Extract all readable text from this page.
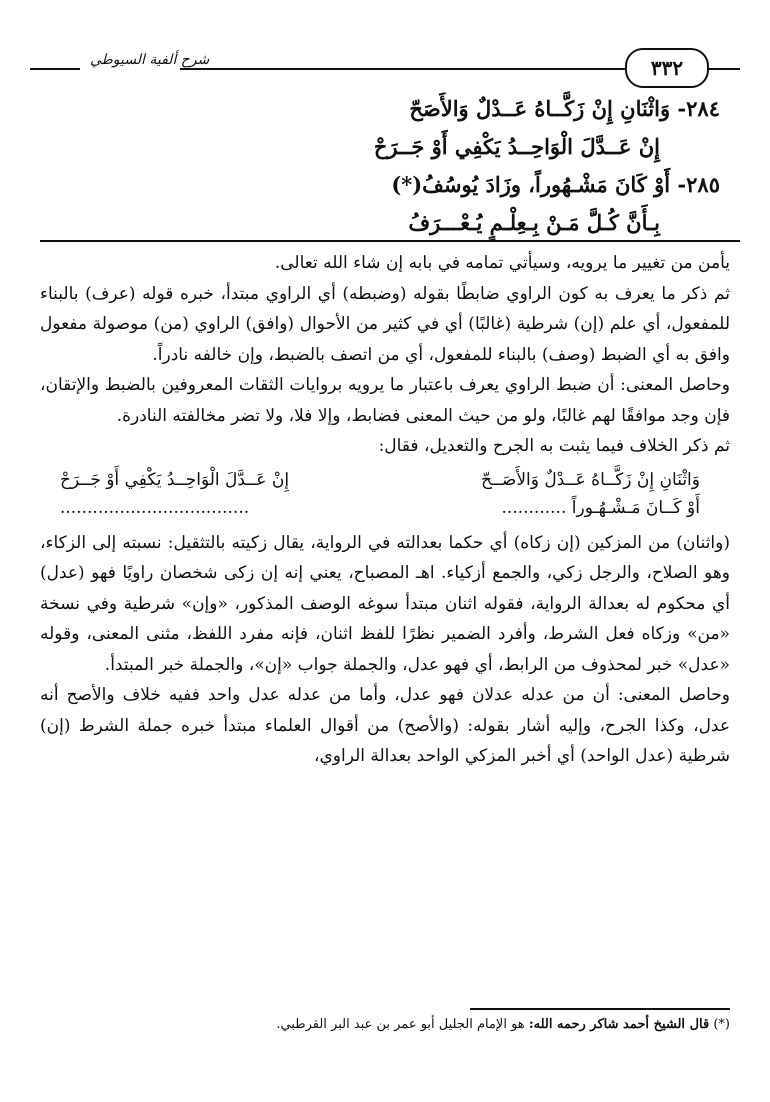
شرح ألفية السيوطي	٣٣٢
٢٨٤- وَاثْنَانِ إِنْ زَكَّــاهُ عَــدْلٌ وَالأَصَحّ
إِنْ عَــدَّلَ الْوَاحِــدُ يَكْفِي أَوْ جَــرَحْ
٢٨٥- أَوْ كَانَ مَشْـهُوراً، وزَادَ يُوسُفُ(*)
بِـأَنَّ كُـلَّ مَـنْ بِـعِلْـمٍ يُـعْـــرَفُ

يأمن من تغيير ما يرويه، وسيأتي تمامه في بابه إن شاء الله تعالى.

ثم ذكر ما يعرف به كون الراوي ضابطًا بقوله (وضبطه) أي الراوي مبتدأ، خبره قوله (عرف) بالبناء للمفعول، أي علم (إن) شرطية (غالبًا) أي في كثير من الأحوال (وافق) الراوي (من) موصولة مفعول وافق به أي الضبط (وصف) بالبناء للمفعول، أي من اتصف بالضبط، وإن خالفه نادراً.

وحاصل المعنى: أن ضبط الراوي يعرف باعتبار ما يرويه بروايات الثقات المعروفين بالضبط والإتقان، فإن وجد موافقًا لهم غالبًا، ولو من حيث المعنى فضابط، وإلا فلا، ولا تضر مخالفته النادرة.

ثم ذكر الخلاف فيما يثبت به الجرح والتعديل، فقال:

وَاثْنَانِ إِنْ زَكَّــاهُ عَــدْلٌ وَالأَصَــحّ
إِنْ عَــدَّلَ الْوَاحِــدُ يَكْفِي أَوْ جَــرَحْ
أَوْ كَــانَ مَـشْـهُـوراً ............
...................................

(واثنان) من المزكين (إن زكاه) أي حكما بعدالته في الرواية، يقال زكيته بالتثقيل: نسبته إلى الزكاء، وهو الصلاح، والرجل زكي، والجمع أزكياء. اهـ المصباح، يعني إنه إن زكى شخصان راويًا فهو (عدل) أي محكوم له بعدالة الرواية، فقوله اثنان مبتدأ سوغه الوصف المذكور، «وإن» شرطية وفي نسخة «من» وزكاه فعل الشرط، وأفرد الضمير نظرًا للفظ اثنان، فإنه مفرد اللفظ، مثنى المعنى، وقوله «عدل» خبر لمحذوف من الرابط، أي فهو عدل، والجملة جواب «إن»، والجملة خبر المبتدأ.

وحاصل المعنى: أن من عدله عدلان فهو عدل، وأما من عدله عدل واحد ففيه خلاف والأصح أنه عدل، وكذا الجرح، وإليه أشار بقوله: (والأصح) من أقوال العلماء مبتدأ خبره جملة الشرط (إن) شرطية (عدل الواحد) أي أخبر المزكي الواحد بعدالة الراوي،

(*) قال الشيخ أحمد شاكر رحمه الله: هو الإمام الجليل أبو عمر بن عبد البر القرطبي.
